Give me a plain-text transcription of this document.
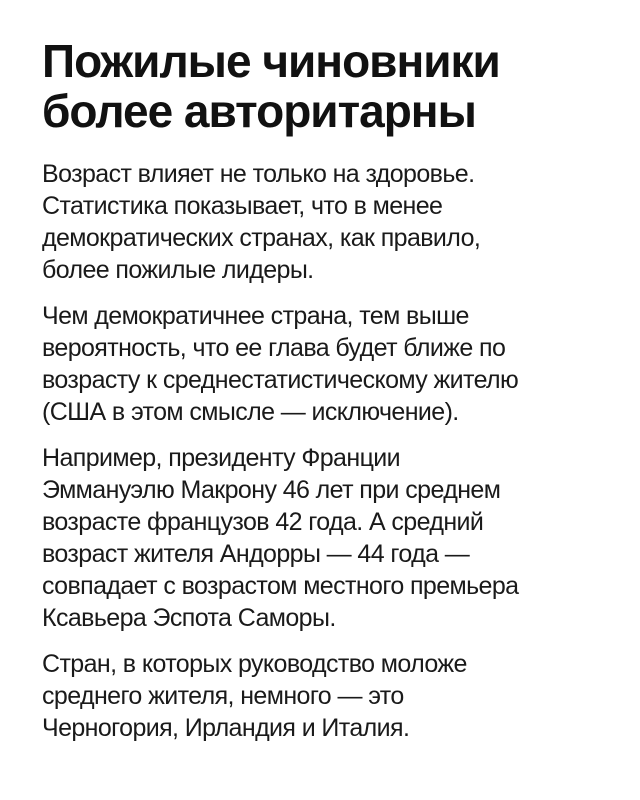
Пожилые чиновники
более авторитарны

Возраст влияет не только на здоровье.
Статистика показывает, что в менее
демократических странах, как правило,
более пожилые лидеры.

Чем демократичнее страна, тем выше
вероятность, что ее глава будет ближе по
возрасту к среднестатистическому жителю
(США в этом смысле — исключение).

Например, президенту Франции
Эммануэлю Макрону 46 лет при среднем
возрасте французов 42 года. А средний
возраст жителя Андорры — 44 года —
совпадает с возрастом местного премьера
Ксавьера Эспота Саморы.

Стран, в которых руководство моложе
среднего жителя, немного — это
Черногория, Ирландия и Италия.
